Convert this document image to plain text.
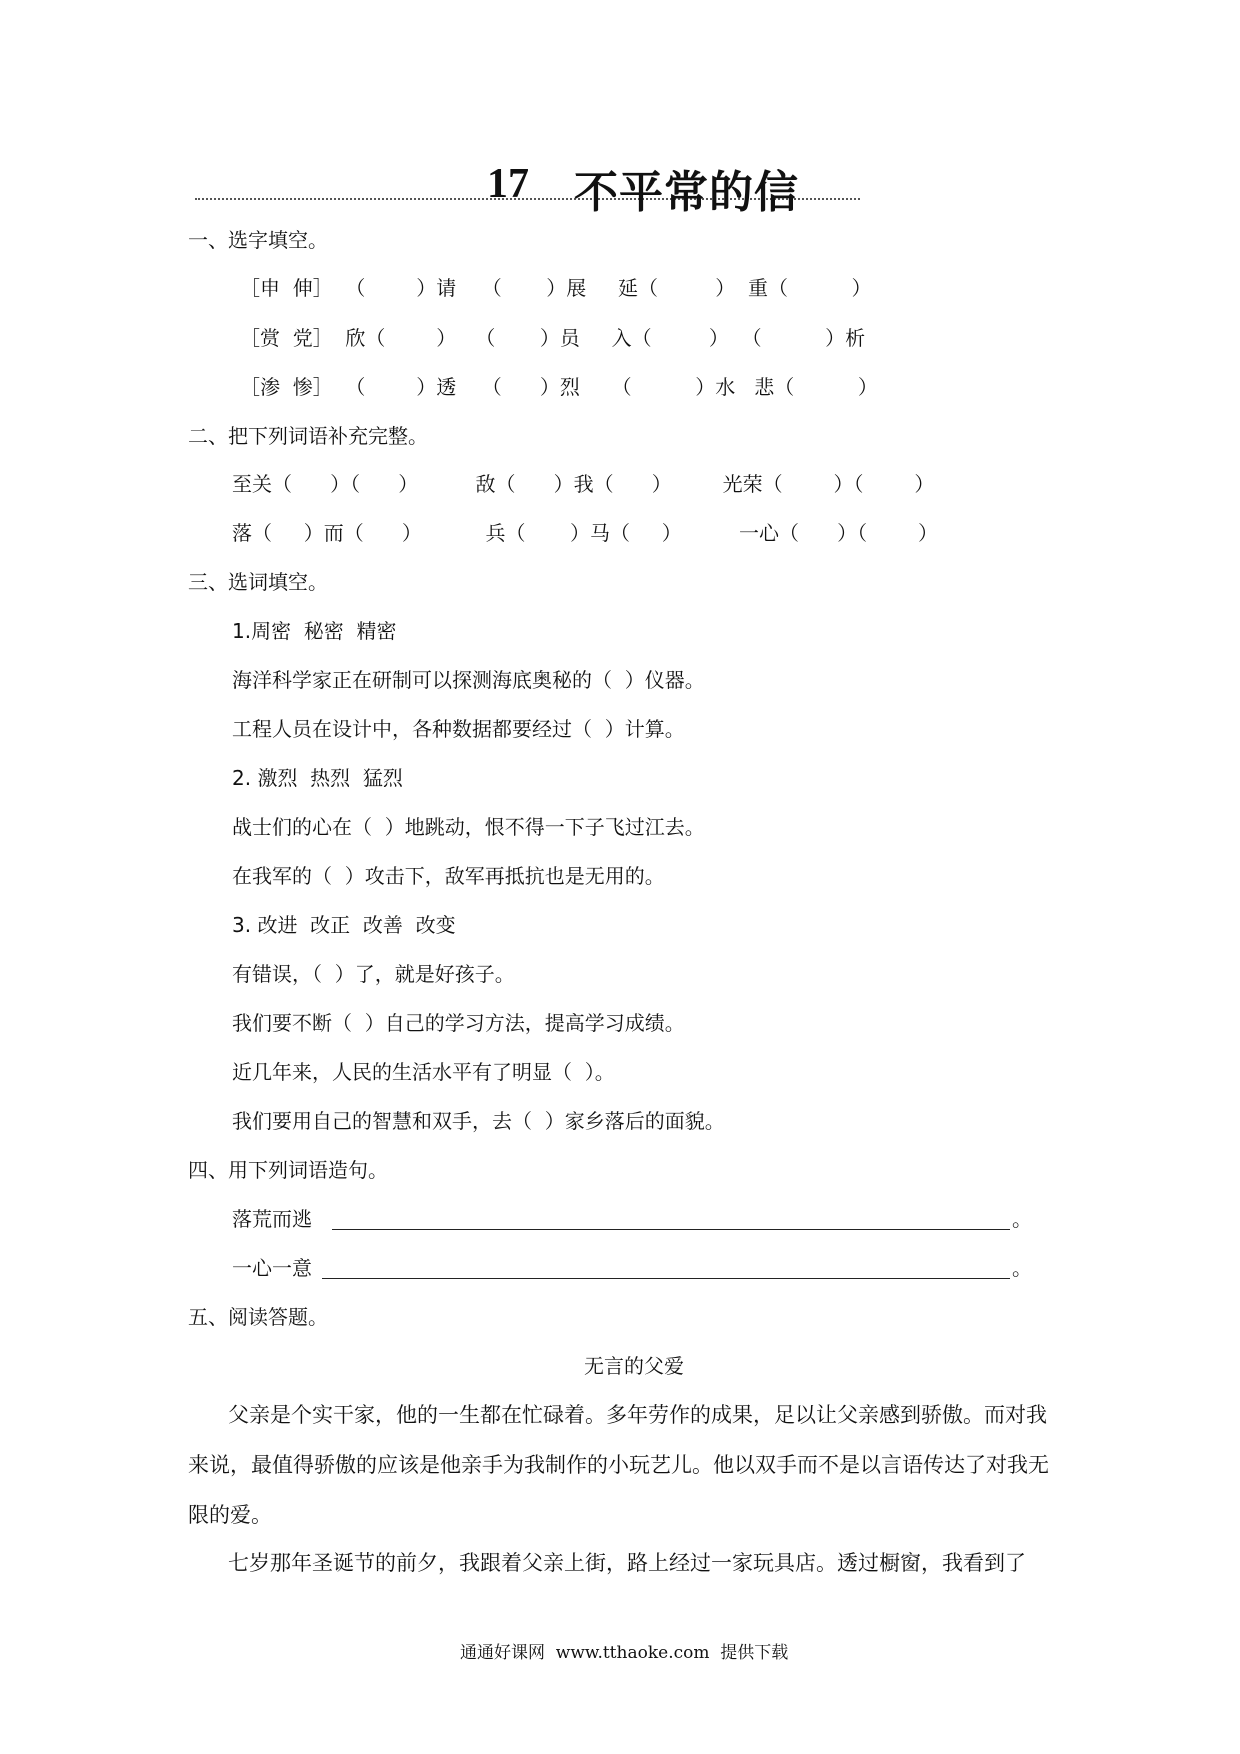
17 不平常的信
一、选字填空。
［申  伸］  （        ）请    （       ）展     延（         ）  重（          ）
［赏  党］  欣（        ）   （       ）员     入（         ）  （          ）析
［渗  惨］  （        ）透    （      ）烈     （          ）水   悲（          ）
二、把下列词语补充完整。
至关（      ）（      ）         敌（      ）我（      ）        光荣（        ）（        ）
落（     ）而（      ）          兵（       ）马（     ）         一心（      ）（        ）
三、选词填空。
1.周密  秘密  精密
海洋科学家正在研制可以探测海底奥秘的（  ）仪器。
工程人员在设计中，各种数据都要经过（  ）计算。
2. 激烈  热烈  猛烈
战士们的心在（  ）地跳动，恨不得一下子飞过江去。
在我军的（  ）攻击下，敌军再抵抗也是无用的。
3. 改进  改正  改善  改变
有错误，（  ）了，就是好孩子。
我们要不断（  ）自己的学习方法，提高学习成绩。
近几年来，人民的生活水平有了明显（  ）。
我们要用自己的智慧和双手，去（  ）家乡落后的面貌。
四、用下列词语造句。
落荒而逃	。
一心一意	。
五、阅读答题。
无言的父爱
父亲是个实干家，他的一生都在忙碌着。多年劳作的成果，足以让父亲感到骄傲。而对我来说，最值得骄傲的应该是他亲手为我制作的小玩艺儿。他以双手而不是以言语传达了对我无限的爱。
七岁那年圣诞节的前夕，我跟着父亲上街，路上经过一家玩具店。透过橱窗，我看到了
通通好课网  www.tthaoke.com  提供下载
